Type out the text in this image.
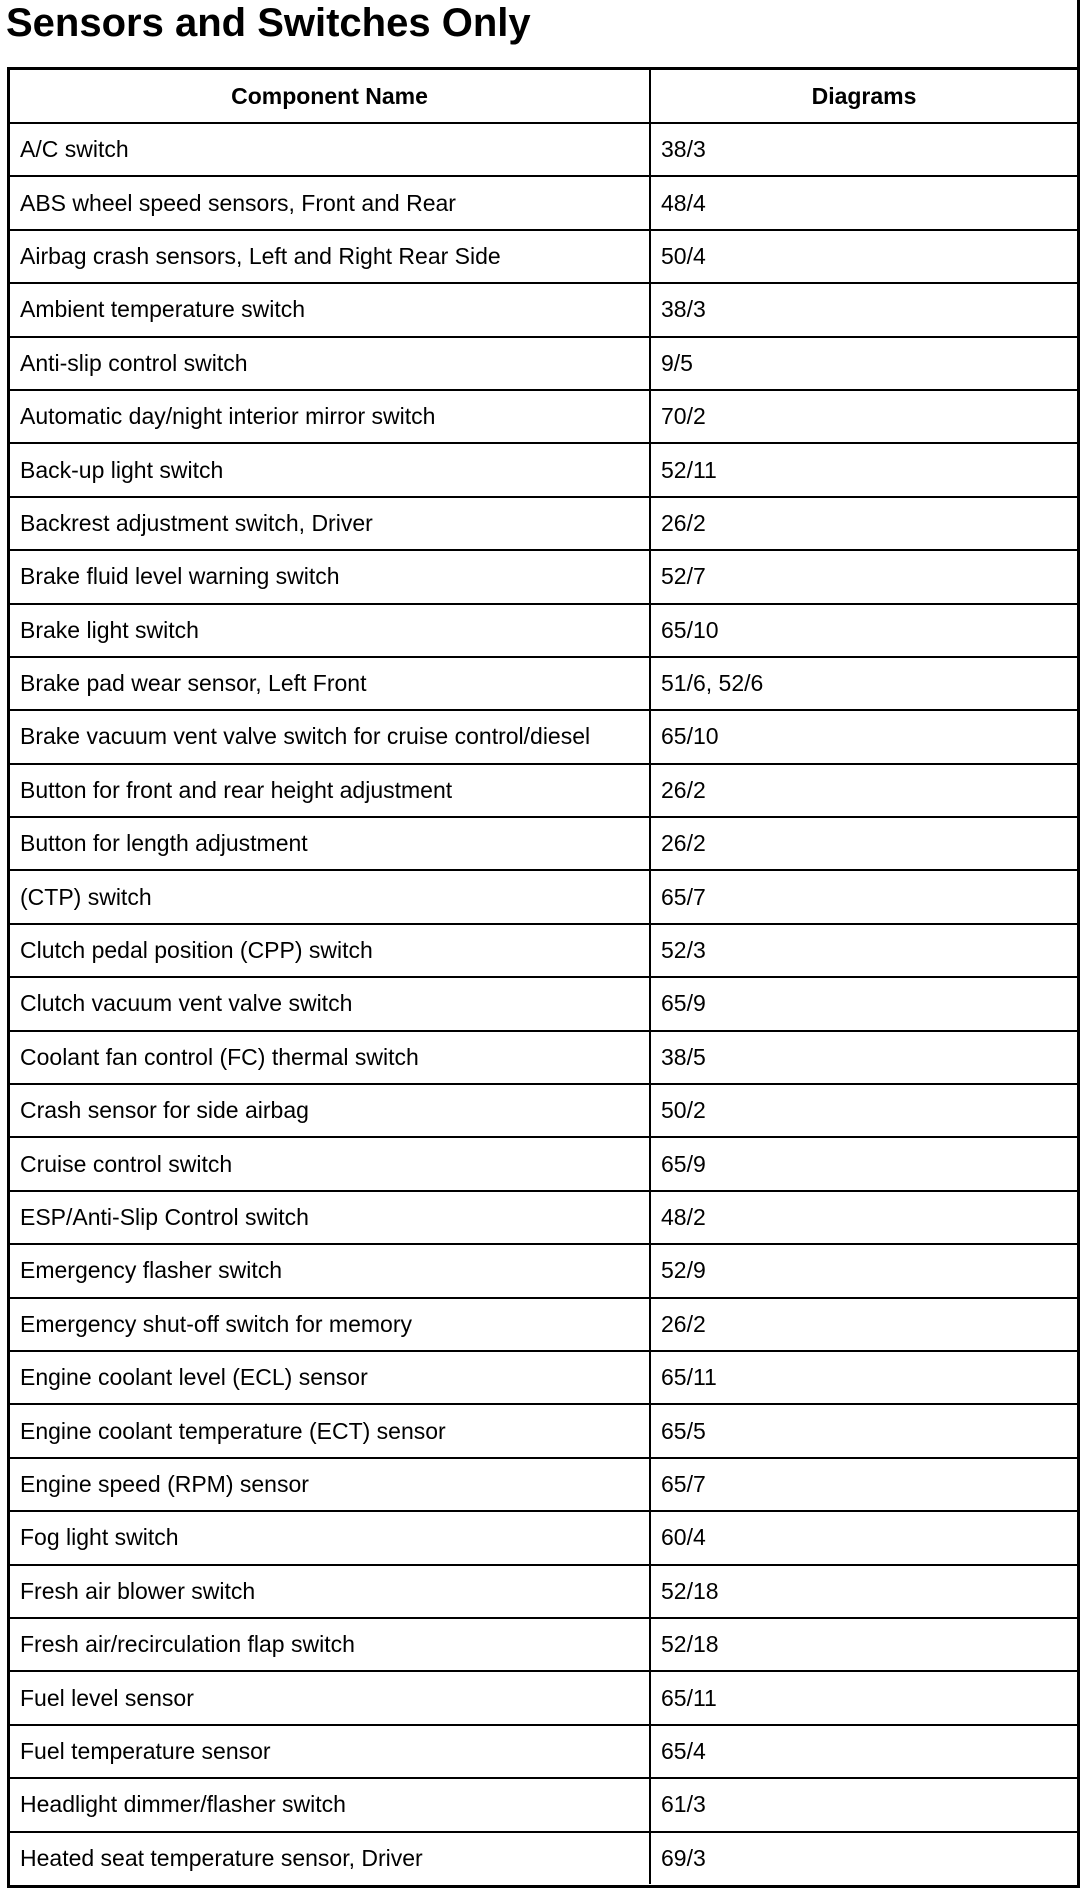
Sensors and Switches Only
Component Name	Diagrams
A/C switch	38/3
ABS wheel speed sensors, Front and Rear	48/4
Airbag crash sensors, Left and Right Rear Side	50/4
Ambient temperature switch	38/3
Anti-slip control switch	9/5
Automatic day/night interior mirror switch	70/2
Back-up light switch	52/11
Backrest adjustment switch, Driver	26/2
Brake fluid level warning switch	52/7
Brake light switch	65/10
Brake pad wear sensor, Left Front	51/6, 52/6
Brake vacuum vent valve switch for cruise control/diesel	65/10
Button for front and rear height adjustment	26/2
Button for length adjustment	26/2
(CTP) switch	65/7
Clutch pedal position (CPP) switch	52/3
Clutch vacuum vent valve switch	65/9
Coolant fan control (FC) thermal switch	38/5
Crash sensor for side airbag	50/2
Cruise control switch	65/9
ESP/Anti-Slip Control switch	48/2
Emergency flasher switch	52/9
Emergency shut-off switch for memory	26/2
Engine coolant level (ECL) sensor	65/11
Engine coolant temperature (ECT) sensor	65/5
Engine speed (RPM) sensor	65/7
Fog light switch	60/4
Fresh air blower switch	52/18
Fresh air/recirculation flap switch	52/18
Fuel level sensor	65/11
Fuel temperature sensor	65/4
Headlight dimmer/flasher switch	61/3
Heated seat temperature sensor, Driver	69/3
